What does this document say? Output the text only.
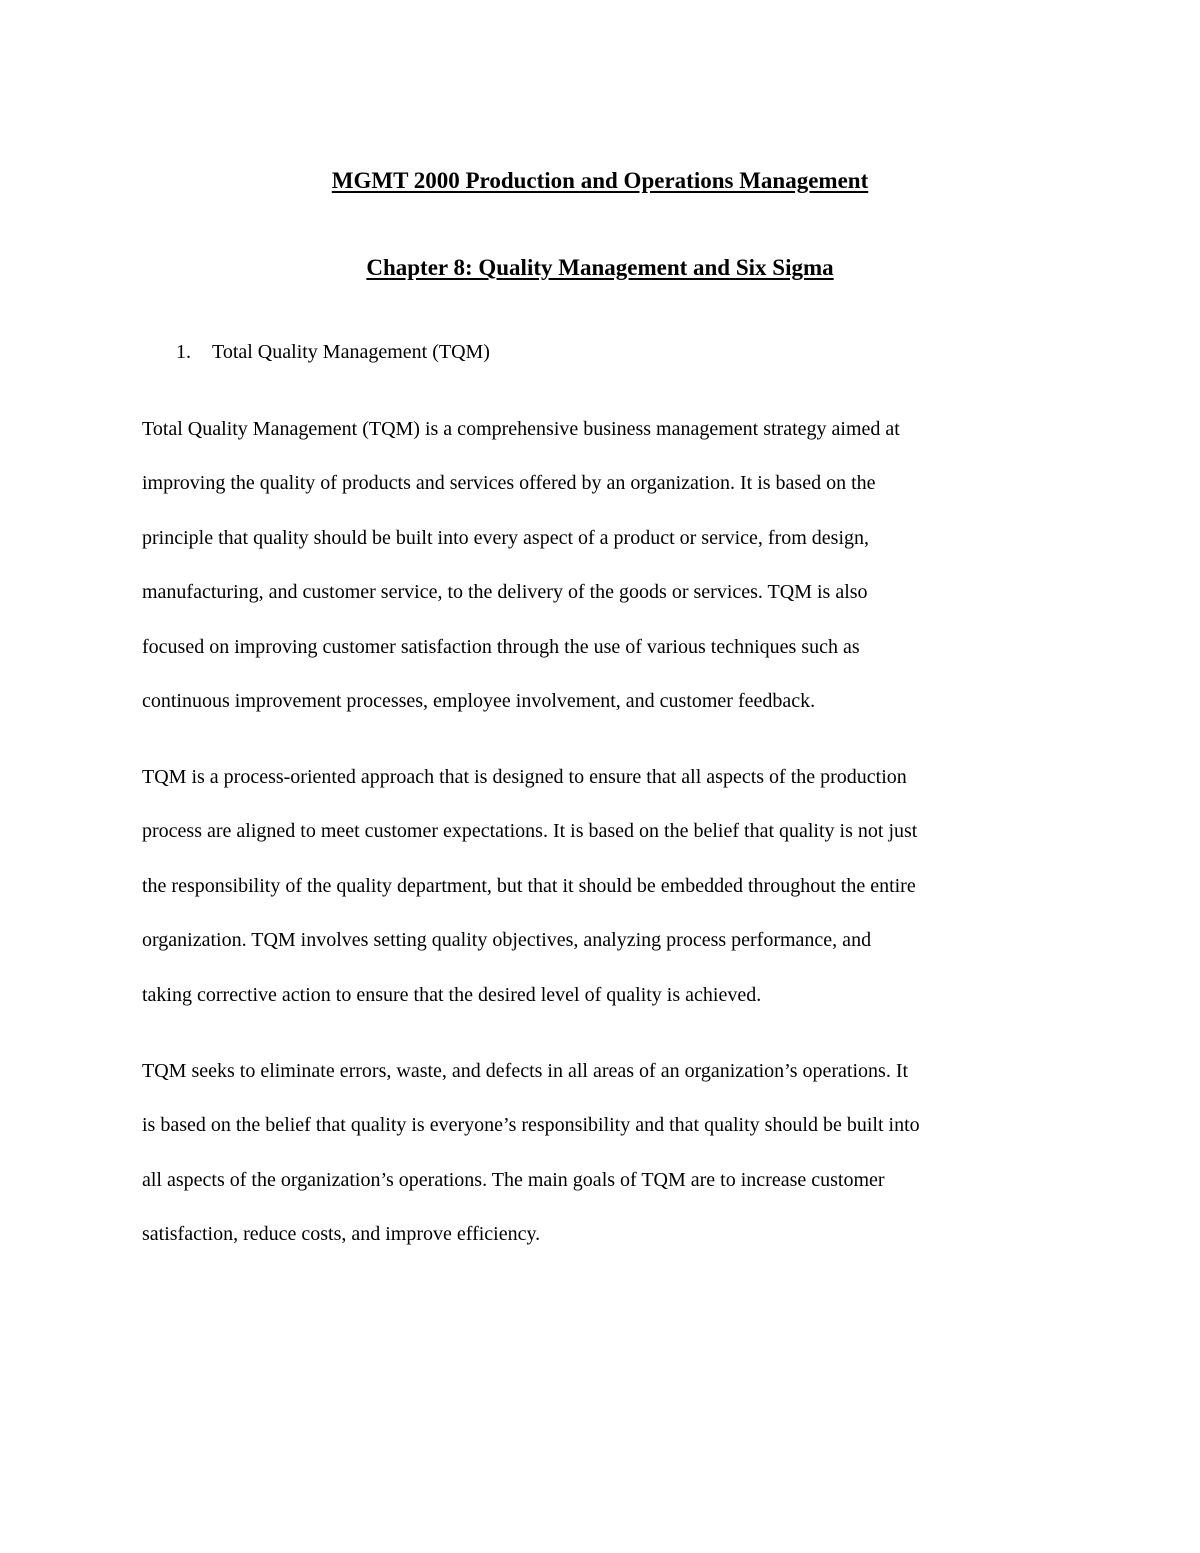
MGMT 2000 Production and Operations Management
Chapter 8: Quality Management and Six Sigma

1. Total Quality Management (TQM)

Total Quality Management (TQM) is a comprehensive business management strategy aimed at
improving the quality of products and services offered by an organization. It is based on the
principle that quality should be built into every aspect of a product or service, from design,
manufacturing, and customer service, to the delivery of the goods or services. TQM is also
focused on improving customer satisfaction through the use of various techniques such as
continuous improvement processes, employee involvement, and customer feedback.

TQM is a process-oriented approach that is designed to ensure that all aspects of the production
process are aligned to meet customer expectations. It is based on the belief that quality is not just
the responsibility of the quality department, but that it should be embedded throughout the entire
organization. TQM involves setting quality objectives, analyzing process performance, and
taking corrective action to ensure that the desired level of quality is achieved.

TQM seeks to eliminate errors, waste, and defects in all areas of an organization’s operations. It
is based on the belief that quality is everyone’s responsibility and that quality should be built into
all aspects of the organization’s operations. The main goals of TQM are to increase customer
satisfaction, reduce costs, and improve efficiency.
